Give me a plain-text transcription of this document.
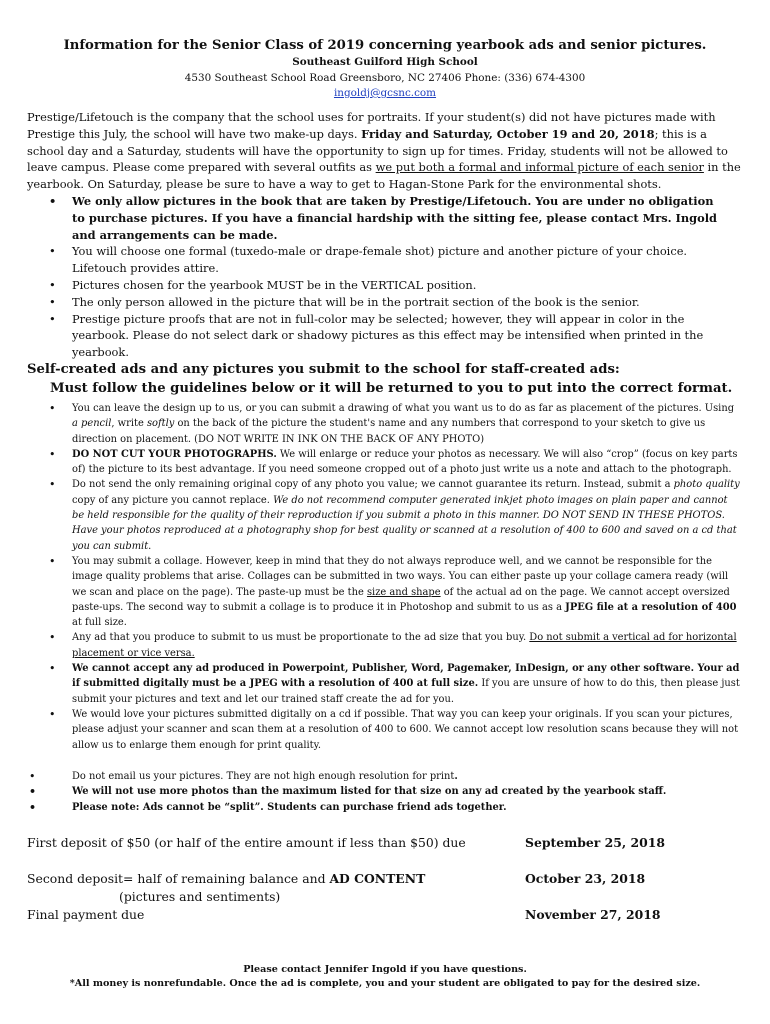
Information for the Senior Class of 2019 concerning yearbook ads and senior pictures.
Southeast Guilford High School
4530 Southeast School Road Greensboro, NC 27406 Phone: (336) 674-4300
ingoldj@gcsnc.com

Prestige/Lifetouch is the company that the school uses for portraits. If your student(s) did not have pictures made with Prestige this July, the school will have two make-up days. Friday and Saturday, October 19 and 20, 2018; this is a school day and a Saturday, students will have the opportunity to sign up for times. Friday, students will not be allowed to leave campus. Please come prepared with several outfits as we put both a formal and informal picture of each senior in the yearbook. On Saturday, please be sure to have a way to get to Hagan-Stone Park for the environmental shots.

• We only allow pictures in the book that are taken by Prestige/Lifetouch. You are under no obligation to purchase pictures. If you have a financial hardship with the sitting fee, please contact Mrs. Ingold and arrangements can be made.
• You will choose one formal (tuxedo-male or drape-female shot) picture and another picture of your choice. Lifetouch provides attire.
• Pictures chosen for the yearbook MUST be in the VERTICAL position.
• The only person allowed in the picture that will be in the portrait section of the book is the senior.
• Prestige picture proofs that are not in full-color may be selected; however, they will appear in color in the yearbook. Please do not select dark or shadowy pictures as this effect may be intensified when printed in the yearbook.
Self-created ads and any pictures you submit to the school for staff-created ads:
Must follow the guidelines below or it will be returned to you to put into the correct format.
• You can leave the design up to us, or you can submit a drawing of what you want us to do as far as placement of the pictures. Using a pencil, write softly on the back of the picture the student's name and any numbers that correspond to your sketch to give us direction on placement. (DO NOT WRITE IN INK ON THE BACK OF ANY PHOTO)
• DO NOT CUT YOUR PHOTOGRAPHS. We will enlarge or reduce your photos as necessary. We will also “crop” (focus on key parts of) the picture to its best advantage. If you need someone cropped out of a photo just write us a note and attach to the photograph.
• Do not send the only remaining original copy of any photo you value; we cannot guarantee its return. Instead, submit a photo quality copy of any picture you cannot replace. We do not recommend computer generated inkjet photo images on plain paper and cannot be held responsible for the quality of their reproduction if you submit a photo in this manner. DO NOT SEND IN THESE PHOTOS. Have your photos reproduced at a photography shop for best quality or scanned at a resolution of 400 to 600 and saved on a cd that you can submit.
• You may submit a collage. However, keep in mind that they do not always reproduce well, and we cannot be responsible for the image quality problems that arise. Collages can be submitted in two ways. You can either paste up your collage camera ready (will we scan and place on the page). The paste-up must be the size and shape of the actual ad on the page. We cannot accept oversized paste-ups. The second way to submit a collage is to produce it in Photoshop and submit to us as a JPEG file at a resolution of 400 at full size.
• Any ad that you produce to submit to us must be proportionate to the ad size that you buy. Do not submit a vertical ad for horizontal placement or vice versa.
• We cannot accept any ad produced in Powerpoint, Publisher, Word, Pagemaker, InDesign, or any other software. Your ad if submitted digitally must be a JPEG with a resolution of 400 at full size. If you are unsure of how to do this, then please just submit your pictures and text and let our trained staff create the ad for you.
• We would love your pictures submitted digitally on a cd if possible. That way you can keep your originals. If you scan your pictures, please adjust your scanner and scan them at a resolution of 400 to 600. We cannot accept low resolution scans because they will not allow us to enlarge them enough for print quality.
• Do not email us your pictures. They are not high enough resolution for print.
• We will not use more photos than the maximum listed for that size on any ad created by the yearbook staff.
• Please note: Ads cannot be “split”. Students can purchase friend ads together.
First deposit of $50 (or half of the entire amount if less than $50) due	September 25, 2018
Second deposit= half of remaining balance and AD CONTENT	October 23, 2018
(pictures and sentiments)
Final payment due	November 27, 2018
Please contact Jennifer Ingold if you have questions.
*All money is nonrefundable. Once the ad is complete, you and your student are obligated to pay for the desired size.
